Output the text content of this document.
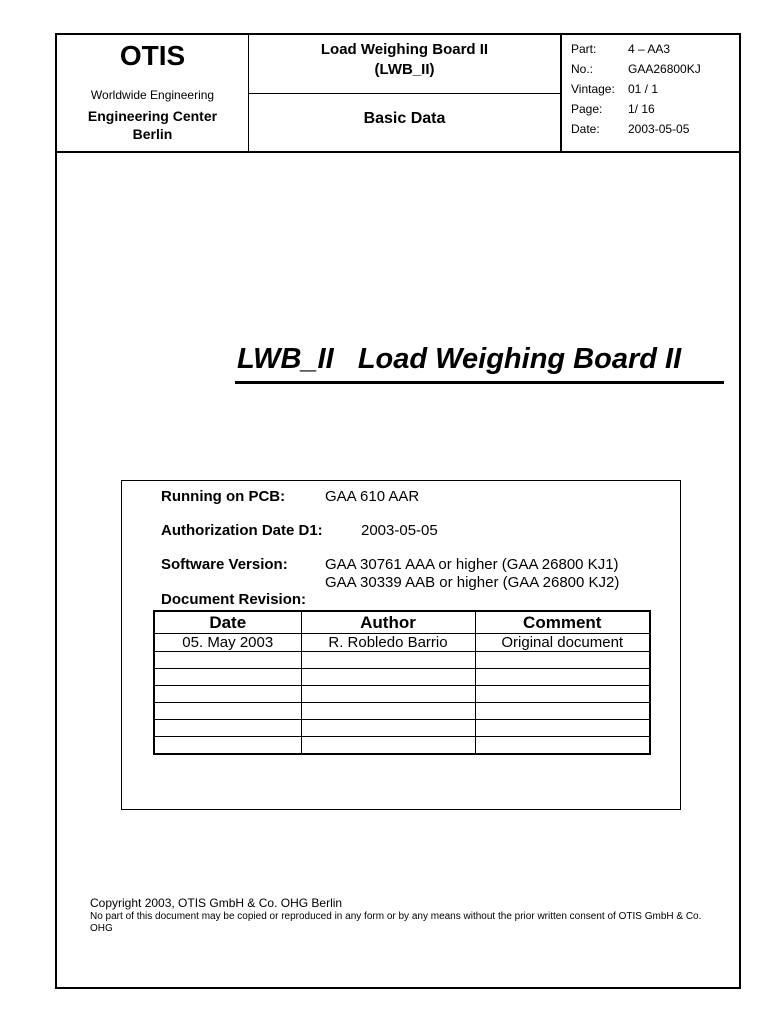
OTIS
Worldwide Engineering
Engineering Center
Berlin
Load Weighing Board II
(LWB_II)
Basic Data
Part:	4 – AA3
No.:	GAA26800KJ
Vintage: 01 / 1
Page: 1/ 16
Date: 2003-05-05
LWB_II   Load Weighing Board II
Running on PCB:	GAA 610 AAR
Authorization Date D1:	2003-05-05
Software Version: GAA 30761 AAA or higher (GAA 26800 KJ1)
GAA 30339 AAB or higher (GAA 26800 KJ2)
Document Revision:
Date	Author	Comment
05. May 2003	R. Robledo Barrio	Original document

Copyright 2003, OTIS GmbH & Co. OHG Berlin
No part of this document may be copied or reproduced in any form or by any means without the prior written consent of OTIS GmbH & Co. OHG
